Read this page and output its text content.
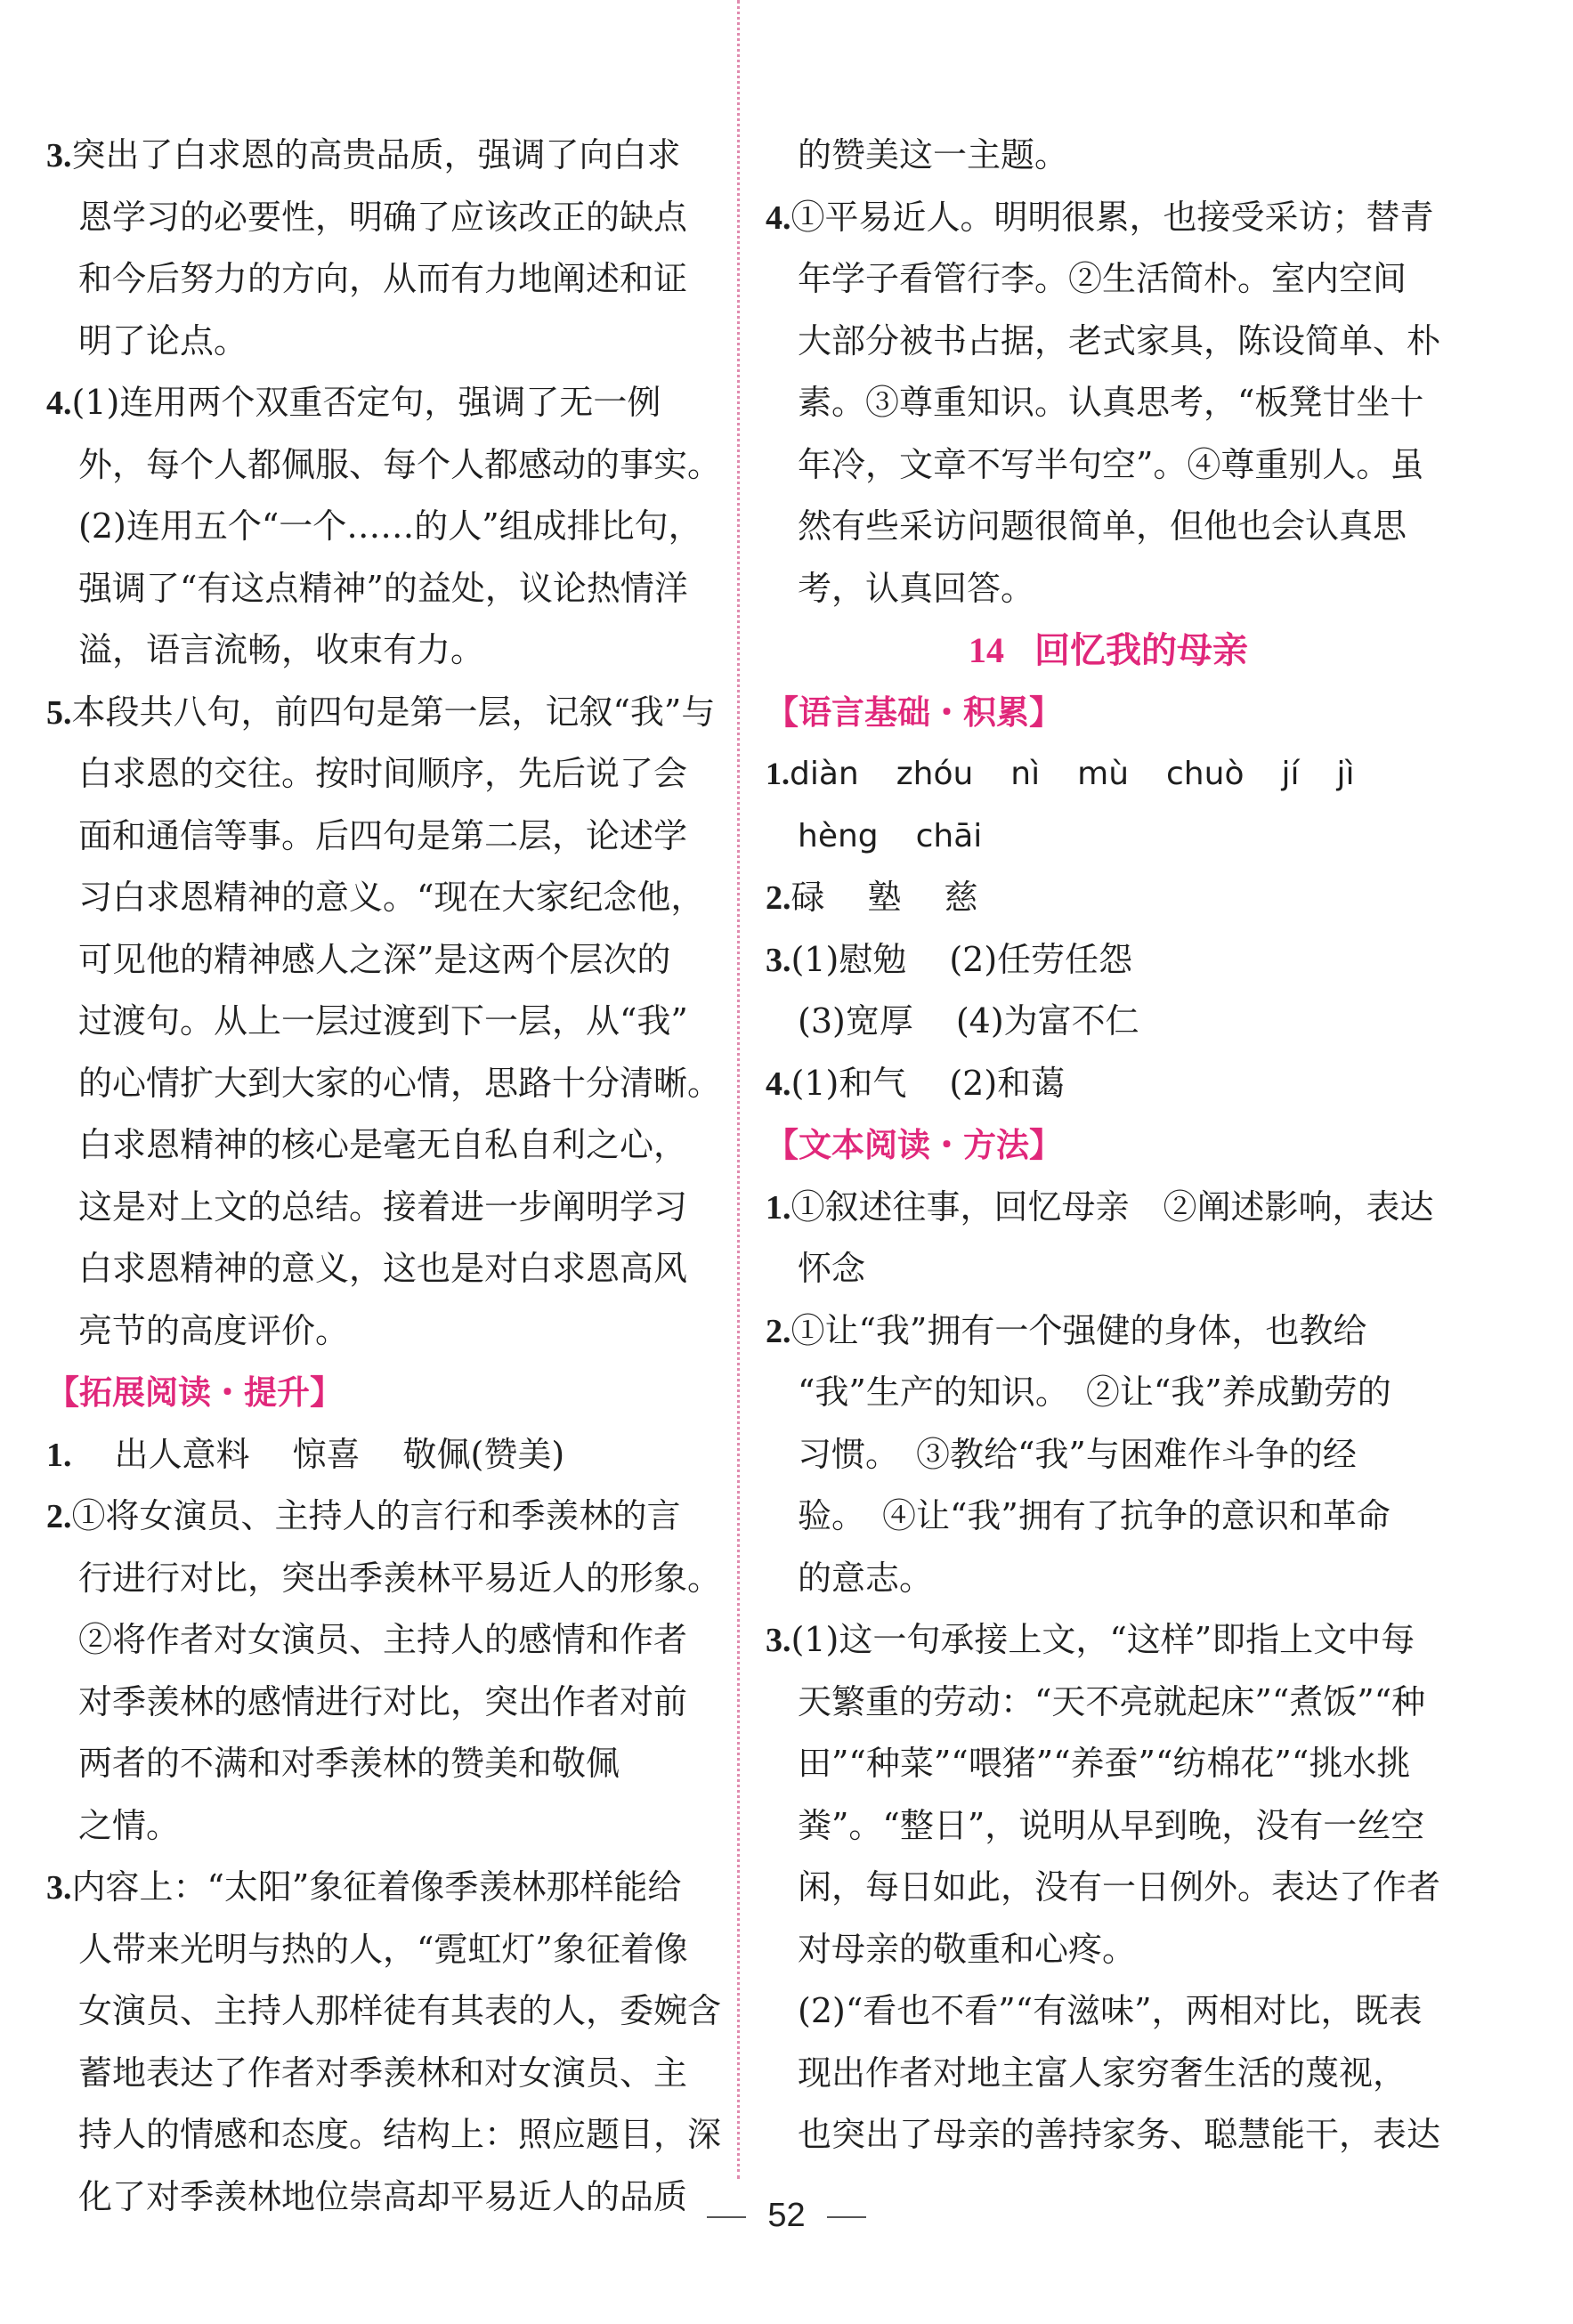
3.突出了白求恩的高贵品质，强调了向白求
恩学习的必要性，明确了应该改正的缺点
和今后努力的方向，从而有力地阐述和证
明了论点。
4.(1)连用两个双重否定句，强调了无一例
外，每个人都佩服、每个人都感动的事实。
(2)连用五个“一个……的人”组成排比句，
强调了“有这点精神”的益处，议论热情洋
溢，语言流畅，收束有力。
5.本段共八句，前四句是第一层，记叙“我”与
白求恩的交往。按时间顺序，先后说了会
面和通信等事。后四句是第二层，论述学
习白求恩精神的意义。“现在大家纪念他，
可见他的精神感人之深”是这两个层次的
过渡句。从上一层过渡到下一层，从“我”
的心情扩大到大家的心情，思路十分清晰。
白求恩精神的核心是毫无自私自利之心，
这是对上文的总结。接着进一步阐明学习
白求恩精神的意义，这也是对白求恩高风
亮节的高度评价。
【拓展阅读・提升】
1. 出人意料 惊喜 敬佩(赞美)
2.①将女演员、主持人的言行和季羡林的言
行进行对比，突出季羡林平易近人的形象。
②将作者对女演员、主持人的感情和作者
对季羡林的感情进行对比，突出作者对前
两者的不满和对季羡林的赞美和敬佩
之情。
3.内容上：“太阳”象征着像季羡林那样能给
人带来光明与热的人，“霓虹灯”象征着像
女演员、主持人那样徒有其表的人，委婉含
蓄地表达了作者对季羡林和对女演员、主
持人的情感和态度。结构上：照应题目，深
化了对季羡林地位崇高却平易近人的品质
的赞美这一主题。
4.①平易近人。明明很累，也接受采访；替青
年学子看管行李。②生活简朴。室内空间
大部分被书占据，老式家具，陈设简单、朴
素。③尊重知识。认真思考，“板凳甘坐十
年冷，文章不写半句空”。④尊重别人。虽
然有些采访问题很简单，但他也会认真思
考，认真回答。
14 回忆我的母亲
【语言基础・积累】
1.diàn zhóu nì mù chuò jí jì
hèng chāi
2.碌 塾 慈
3.(1)慰勉 (2)任劳任怨
(3)宽厚 (4)为富不仁
4.(1)和气 (2)和蔼
【文本阅读・方法】
1.①叙述往事，回忆母亲　②阐述影响，表达
怀念
2.①让“我”拥有一个强健的身体，也教给
“我”生产的知识。　②让“我”养成勤劳的
习惯。　③教给“我”与困难作斗争的经
验。　④让“我”拥有了抗争的意识和革命
的意志。
3.(1)这一句承接上文，“这样”即指上文中每
天繁重的劳动：“天不亮就起床”“煮饭”“种
田”“种菜”“喂猪”“养蚕”“纺棉花”“挑水挑
粪”。“整日”，说明从早到晚，没有一丝空
闲，每日如此，没有一日例外。表达了作者
对母亲的敬重和心疼。
(2)“看也不看”“有滋味”，两相对比，既表
现出作者对地主富人家穷奢生活的蔑视，
也突出了母亲的善持家务、聪慧能干，表达
52
